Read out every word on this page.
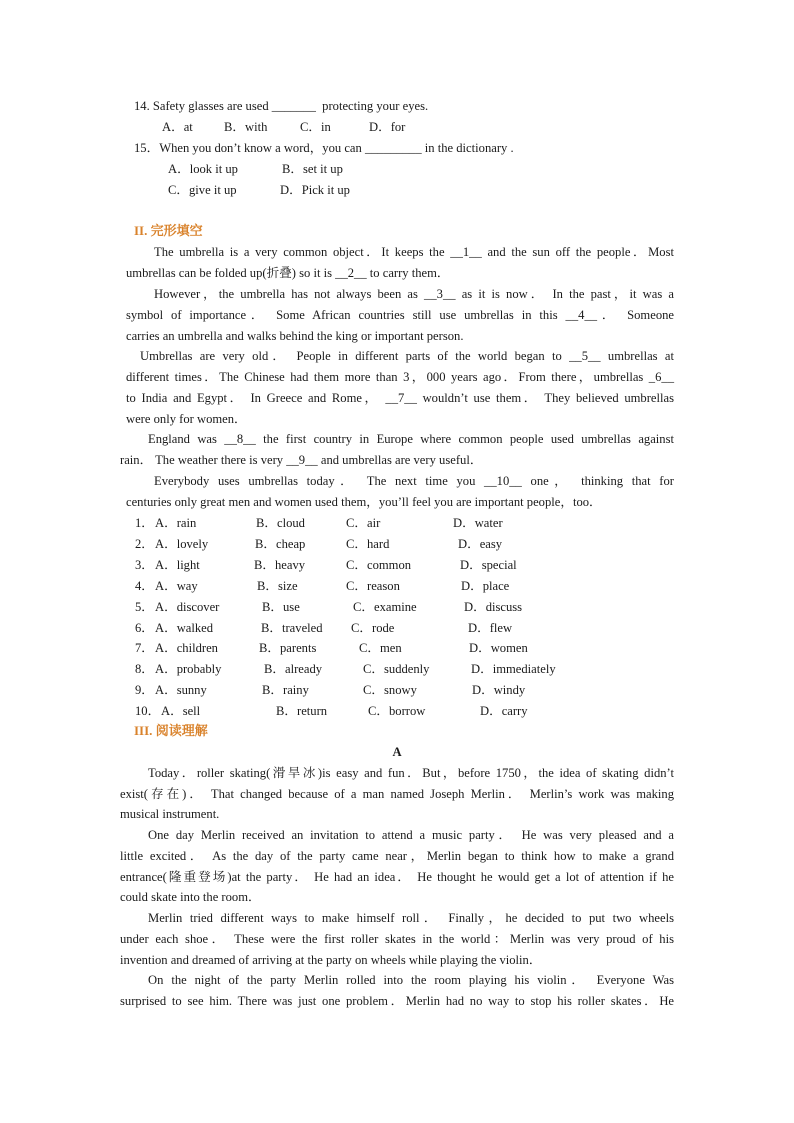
14. Safety glasses are used _______  protecting your eyes.
A．at B．with	C．in	D．for
15．When you don’t know a word，you can _________ in the dictionary .
A．look it up	B．set it up
C．give it up	D．Pick it up
II. 完形填空
The umbrella is a very common object．It keeps the __1__ and the sun off the people．Most
umbrellas can be folded up(折叠) so it is __2__ to carry them．
However，the umbrella has not always been as __3__ as it is now． In the past，it was a
symbol of importance． Some African countries still use umbrellas in this __4__． Someone
carries an umbrella and walks behind the king or important person.
Umbrellas are very old． People in different parts of the world began to __5__ umbrellas at
different times．The Chinese had them more than 3，000 years ago．From there，umbrellas _6__
to India and Egypt． In Greece and Rome， __7__ wouldn’t use them． They believed umbrellas
were only for women．
England was __8__ the first country in Europe where common people used umbrellas against
rain． The weather there is very __9__ and umbrellas are very useful．
Everybody uses umbrellas today． The next time you __10__ one， thinking that for
centuries only great men and women used them，you’ll feel you are important people，too．
1． A．rain	B．cloud	C．air	D．water
2． A．lovely	B．cheap	C．hard	D．easy
3． A．light	B．heavy	C．common	D．special
4． A．way	B．size	C．reason	D．place
5． A．discover	B．use	C．examine	D．discuss
6． A．walked	B．traveled C．rode	D．flew
7． A．children	B．parents	C．men	D．women
8． A．probably	B．already	C．suddenly	D．immediately
9． A．sunny	B．rainy	C．snowy	D．windy
10． A．sell	B．return	C．borrow	D．carry
III. 阅读理解
A
Today．roller skating(滑旱冰)is easy and fun．But，before 1750，the idea of skating didn’t
exist(存在)． That changed because of a man named Joseph Merlin． Merlin’s work was making
musical instrument.
One day Merlin received an invitation to attend a music party． He was very pleased and a
little excited． As the day of the party came near，Merlin began to think how to make a grand
entrance(隆重登场)at the party． He had an idea． He thought he would get a lot of attention if he
could skate into the room．
Merlin tried different ways to make himself roll． Finally，he decided to put two wheels
under each shoe． These were the first roller skates in the world：Merlin was very proud of his
invention and dreamed of arriving at the party on wheels while playing the violin．
On the night of the party Merlin rolled into the room playing his violin． Everyone Was
surprised to see him. There was just one problem．Merlin had no way to stop his roller skates．He
